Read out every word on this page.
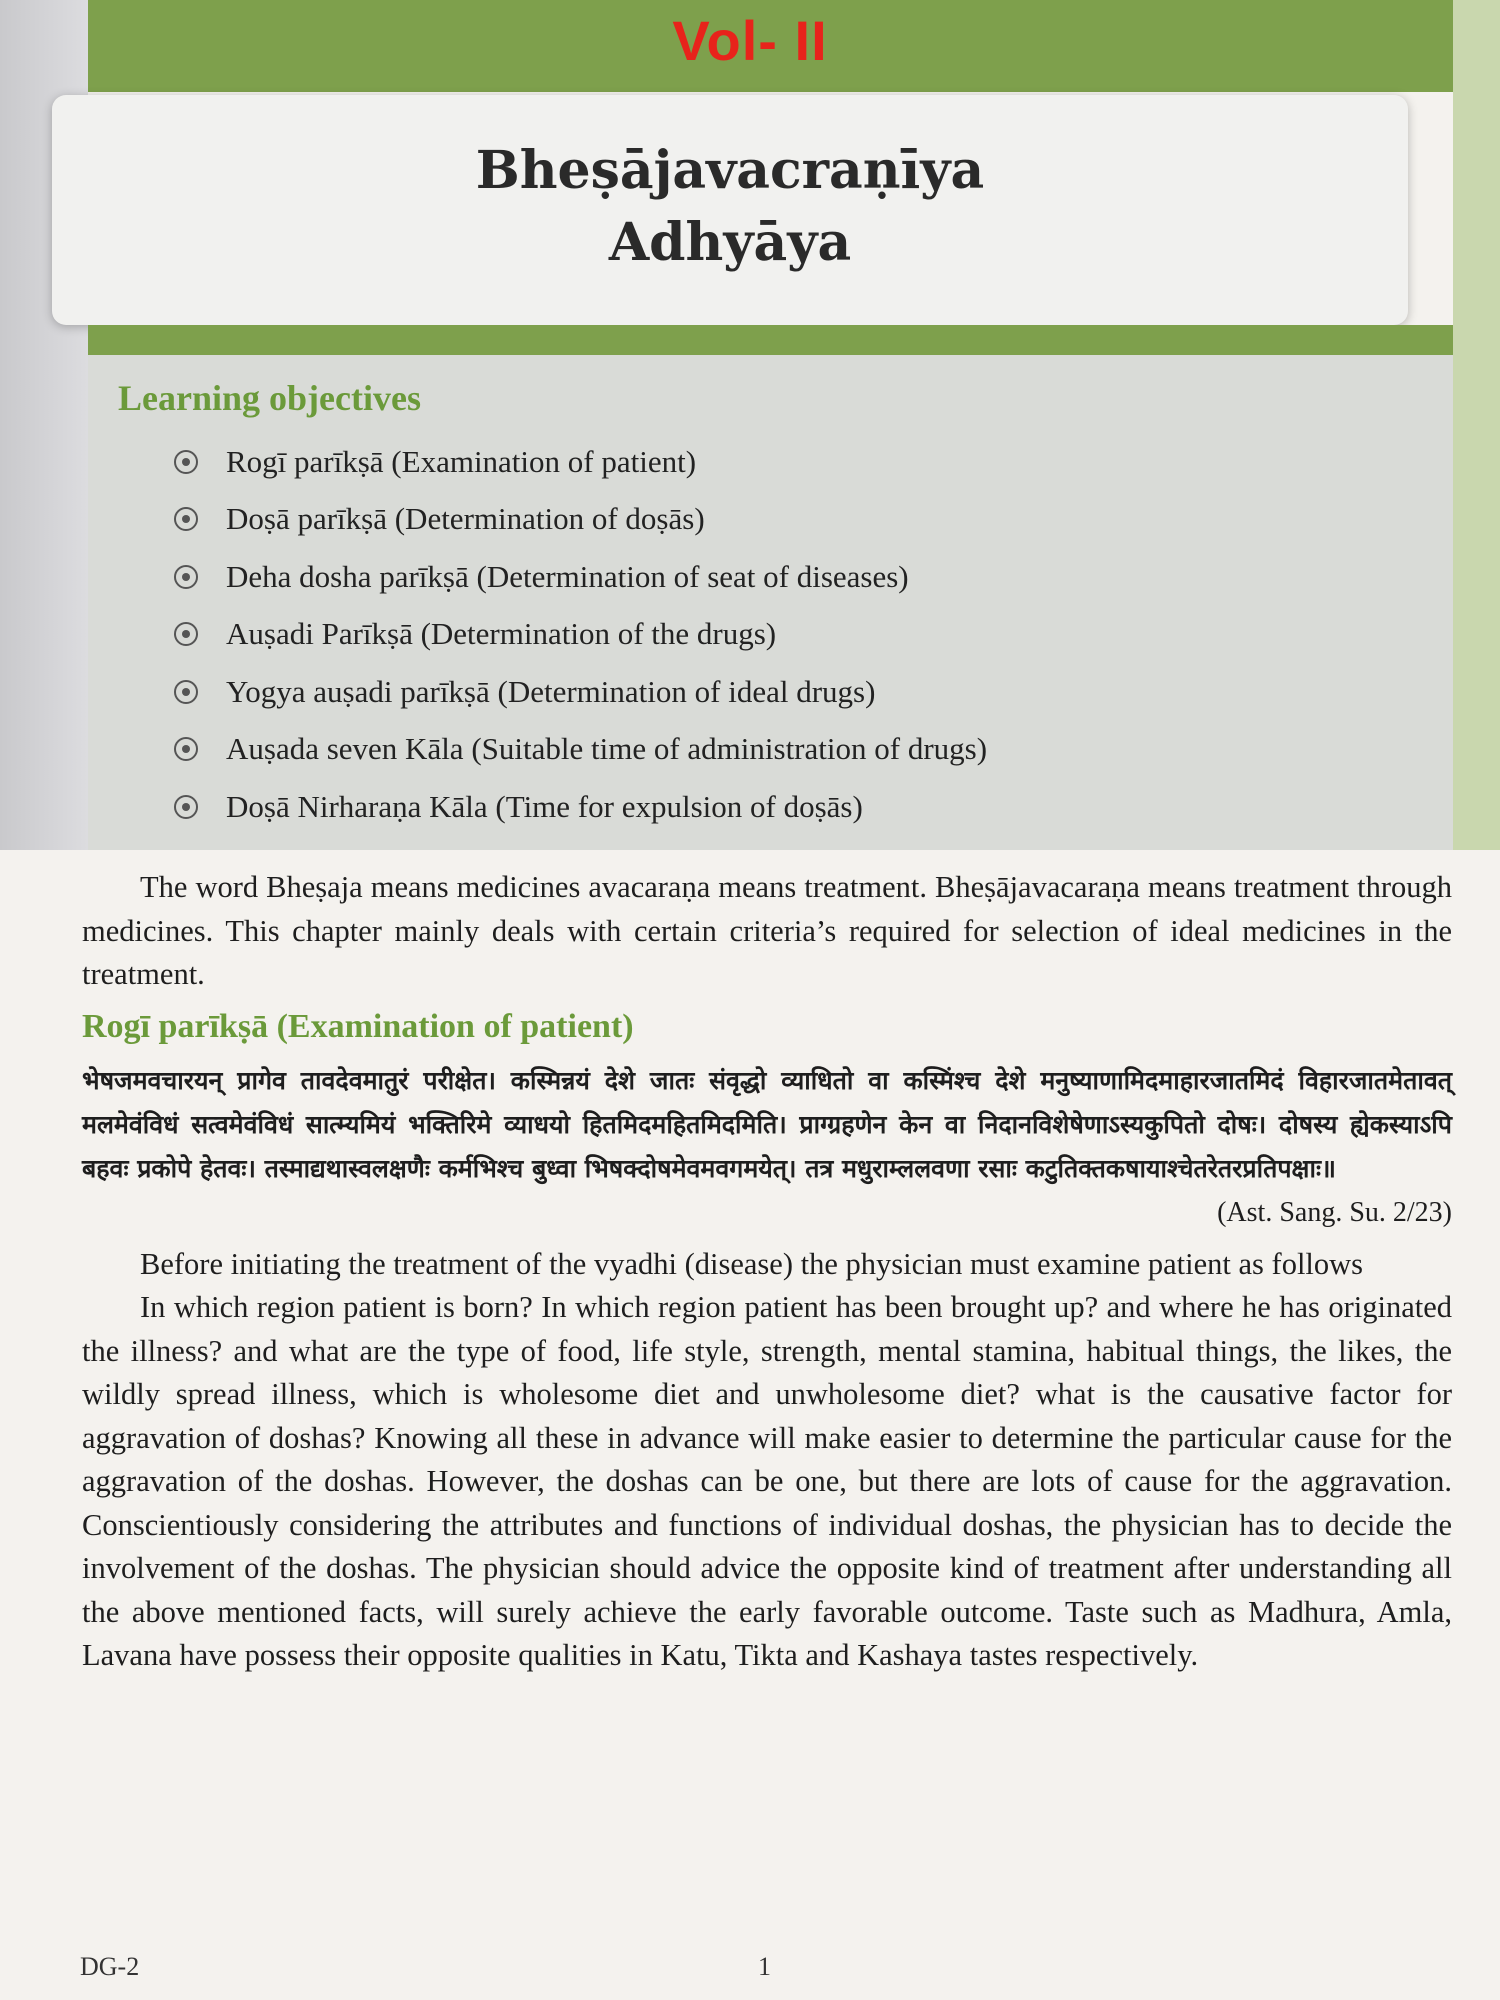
Vol- II
Bheṣājavacraṇīya
Adhyāya
Learning objectives
Rogī parīkṣā (Examination of patient)
Doṣā parīkṣā (Determination of doṣās)
Deha dosha parīkṣā (Determination of seat of diseases)
Auṣadi Parīkṣā (Determination of the drugs)
Yogya auṣadi parīkṣā (Determination of ideal drugs)
Auṣada seven Kāla (Suitable time of administration of drugs)
Doṣā Nirharaṇa Kāla (Time for expulsion of doṣās)

The word Bheṣaja means medicines avacaraṇa means treatment. Bheṣājavacaraṇa means treatment through medicines. This chapter mainly deals with certain criteria’s required for selection of ideal medicines in the treatment.

Rogī parīkṣā (Examination of patient)

भेषजमवचारयन् प्रागेव तावदेवमातुरं परीक्षेत। कस्मिन्नयं देशे जातः संवृद्धो व्याधितो वा कस्मिंश्च देशे मनुष्याणामिदमाहारजातमिदं विहारजातमेतावत् मलमेवंविधं सत्वमेवंविधं सात्म्यमियं भक्तिरिमे व्याधयो हितमिदमहितमिदमिति। प्राग्ग्रहणेन केन वा निदानविशेषेणाऽस्यकुपितो दोषः। दोषस्य ह्येकस्याऽपि बहवः प्रकोपे हेतवः। तस्माद्यथास्वलक्षणैः कर्मभिश्च बुध्वा भिषक्दोषमेवमवगमयेत्। तत्र मधुराम्ललवणा रसाः कटुतिक्तकषायाश्चेतरेतरप्रतिपक्षाः॥

(Ast. Sang. Su. 2/23)

Before initiating the treatment of the vyadhi (disease) the physician must examine patient as follows

In which region patient is born? In which region patient has been brought up? and where he has originated the illness? and what are the type of food, life style, strength, mental stamina, habitual things, the likes, the wildly spread illness, which is wholesome diet and unwholesome diet? what is the causative factor for aggravation of doshas? Knowing all these in advance will make easier to determine the particular cause for the aggravation of the doshas. However, the doshas can be one, but there are lots of cause for the aggravation. Conscientiously considering the attributes and functions of individual doshas, the physician has to decide the involvement of the doshas. The physician should advice the opposite kind of treatment after understanding all the above mentioned facts, will surely achieve the early favorable outcome. Taste such as Madhura, Amla, Lavana have possess their opposite qualities in Katu, Tikta and Kashaya tastes respectively.

DG-2	1
